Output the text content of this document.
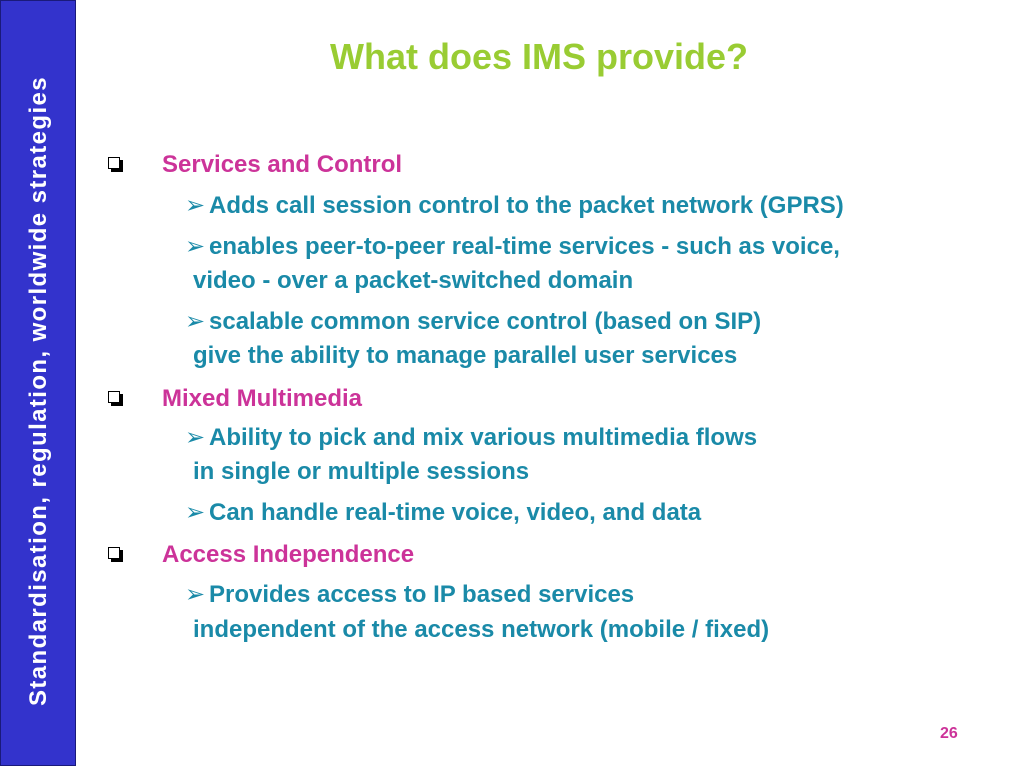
Standardisation, regulation, worldwide strategies
What does IMS provide?
Services and Control
➢ Adds call session control to the packet network (GPRS)
➢ enables peer-to-peer real-time services - such as voice,
video - over a packet-switched domain
➢ scalable common service control (based on SIP)
give the ability to manage parallel user services
Mixed Multimedia
➢ Ability to pick and mix various multimedia flows
in single or multiple sessions
➢ Can handle real-time voice, video, and data
Access Independence
➢ Provides access to IP based services
independent of the access network (mobile / fixed)
26
